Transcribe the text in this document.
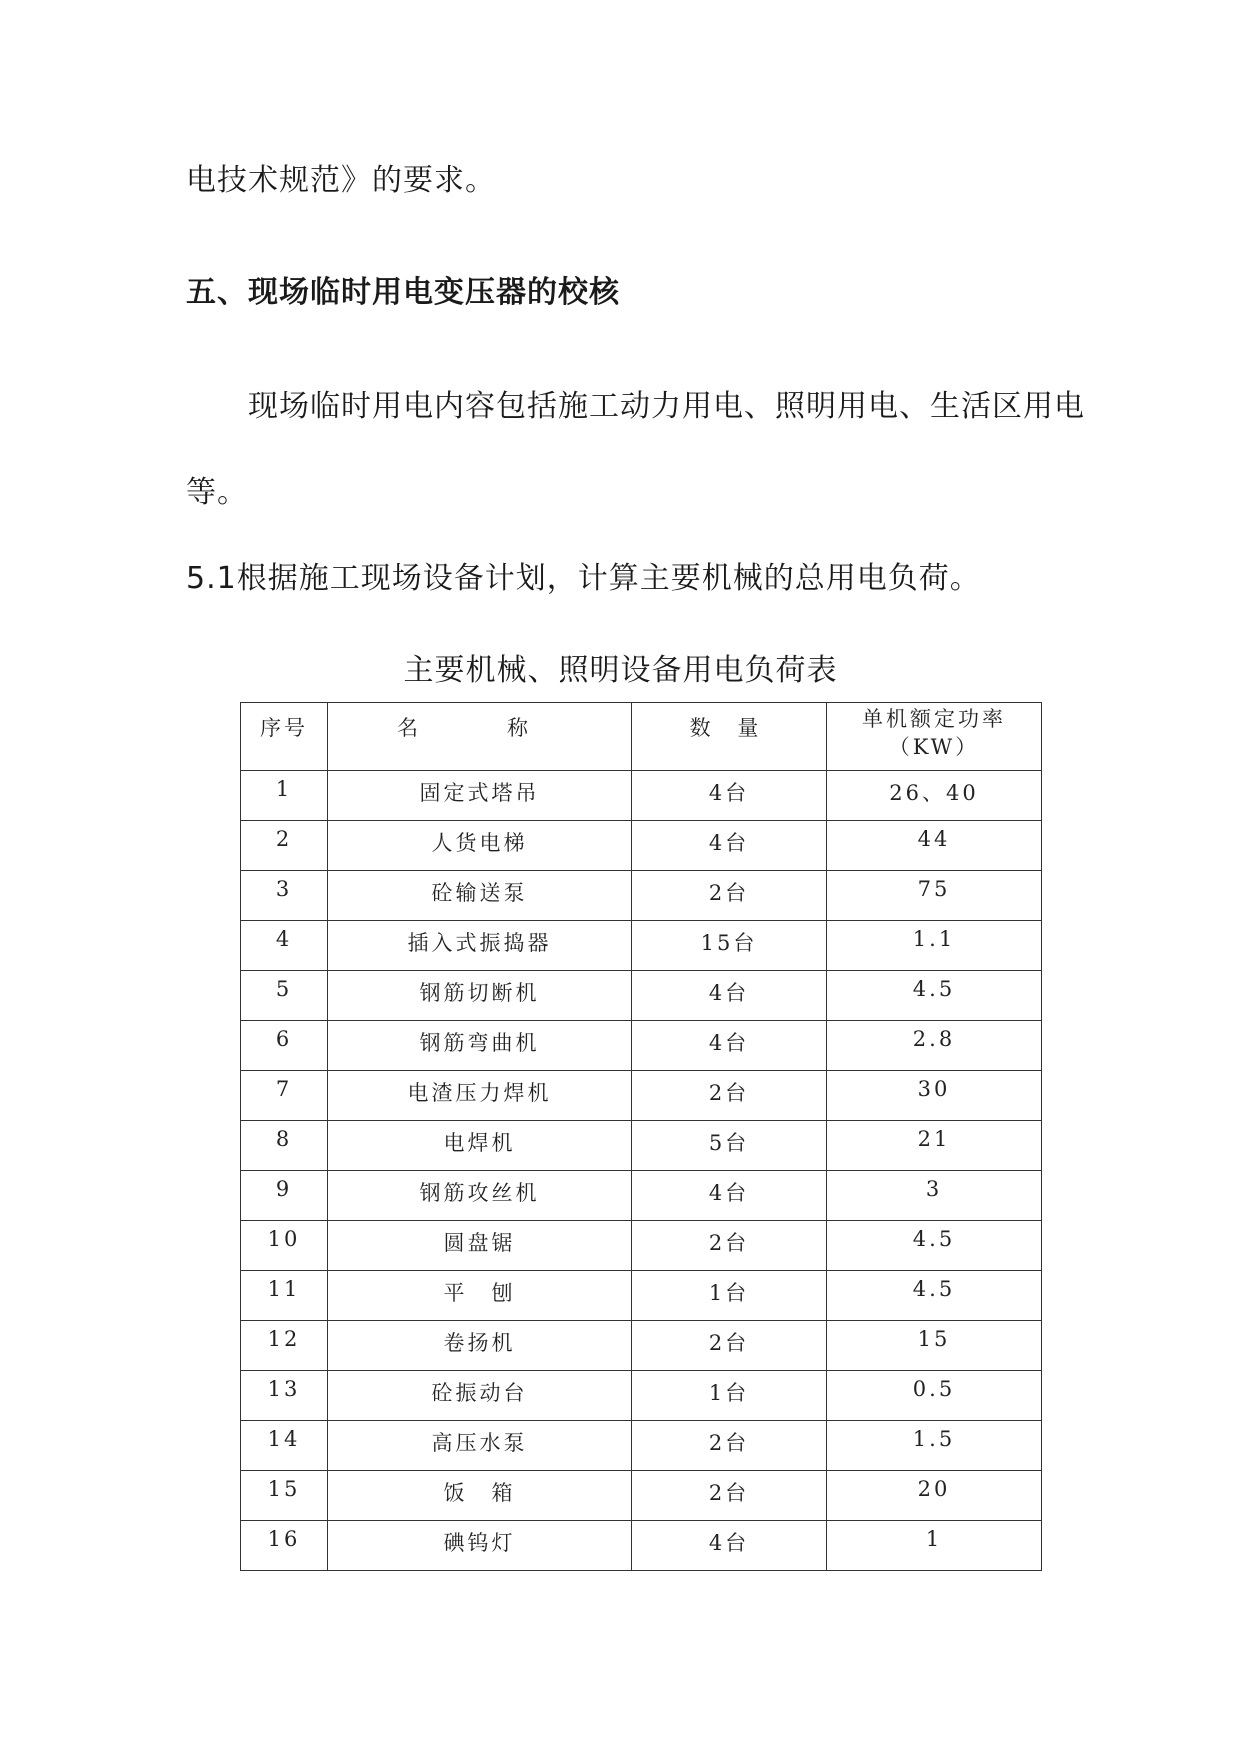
电技术规范》的要求。
五、现场临时用电变压器的校核
现场临时用电内容包括施工动力用电、照明用电、生活区用电
等。
5.1根据施工现场设备计划，计算主要机械的总用电负荷。
主要机械、照明设备用电负荷表
序号	名　称	数 量	单机额定功率（KW）
1	固定式塔吊	4台	26、40
2	人货电梯	4台	44
3	砼输送泵	2台	75
4	插入式振捣器	15台	1.1
5	钢筋切断机	4台	4.5
6	钢筋弯曲机	4台	2.8
7	电渣压力焊机	2台	30
8	电焊机	5台	21
9	钢筋攻丝机	4台	3
10	圆盘锯	2台	4.5
11	平　刨	1台	4.5
12	卷扬机	2台	15
13	砼振动台	1台	0.5
14	高压水泵	2台	1.5
15	饭　箱	2台	20
16	碘钨灯	4台	1
